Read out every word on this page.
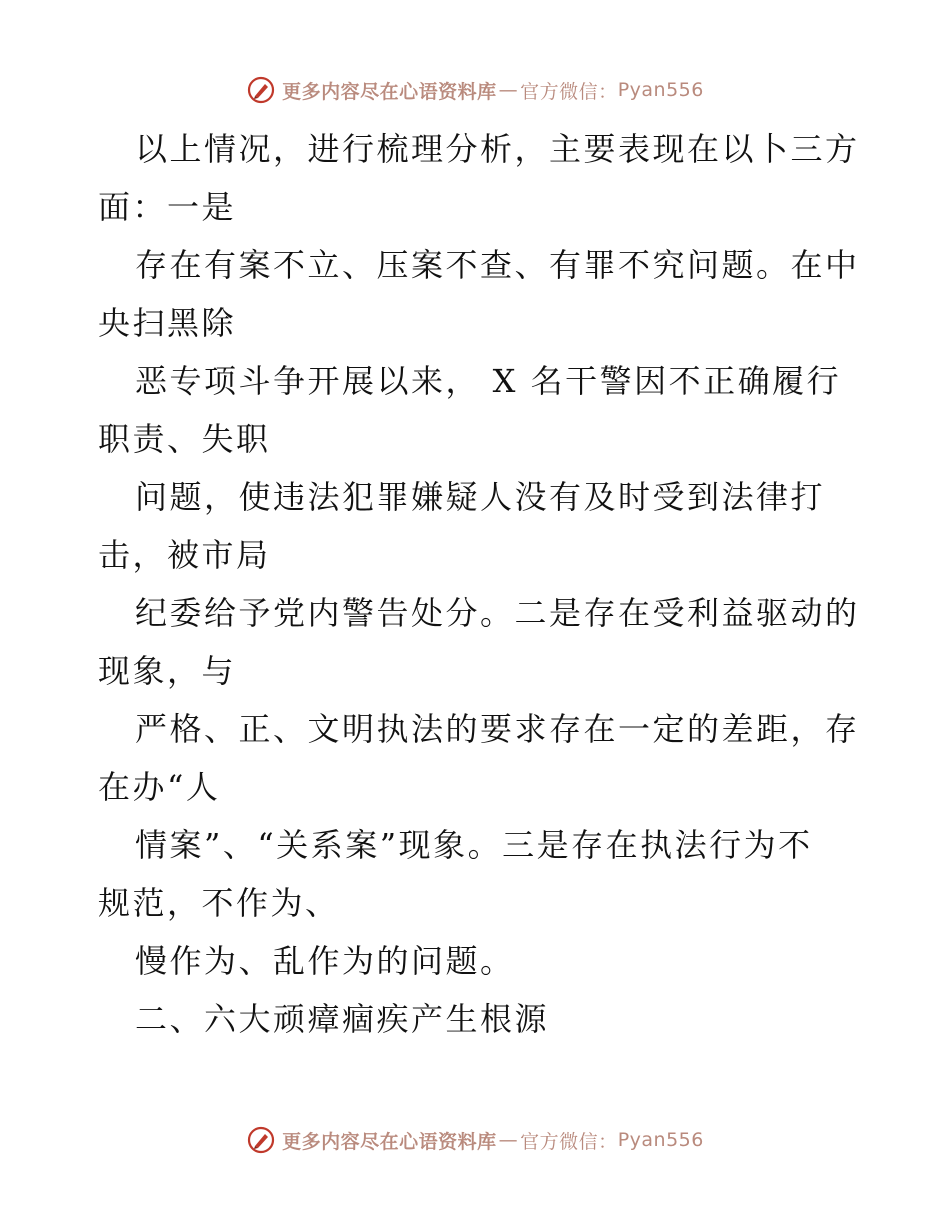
更多内容尽在心语资料库 — 官方微信： Pyan556
以上情况，进行梳理分析，主要表现在以卜三方
面：一是
存在有案不立、压案不查、有罪不究问题。在中
央扫黑除
恶专项斗争开展以来， X 名干警因不正确履行
职责、失职
问题，使违法犯罪嫌疑人没有及时受到法律打
击，被市局
纪委给予党内警告处分。二是存在受利益驱动的
现象，与
严格、正、文明执法的要求存在一定的差距，存
在办“人
情案”、“关系案”现象。三是存在执法行为不
规范，不作为、
慢作为、乱作为的问题。
二、六大顽瘴痼疾产生根源
更多内容尽在心语资料库 — 官方微信： Pyan556
